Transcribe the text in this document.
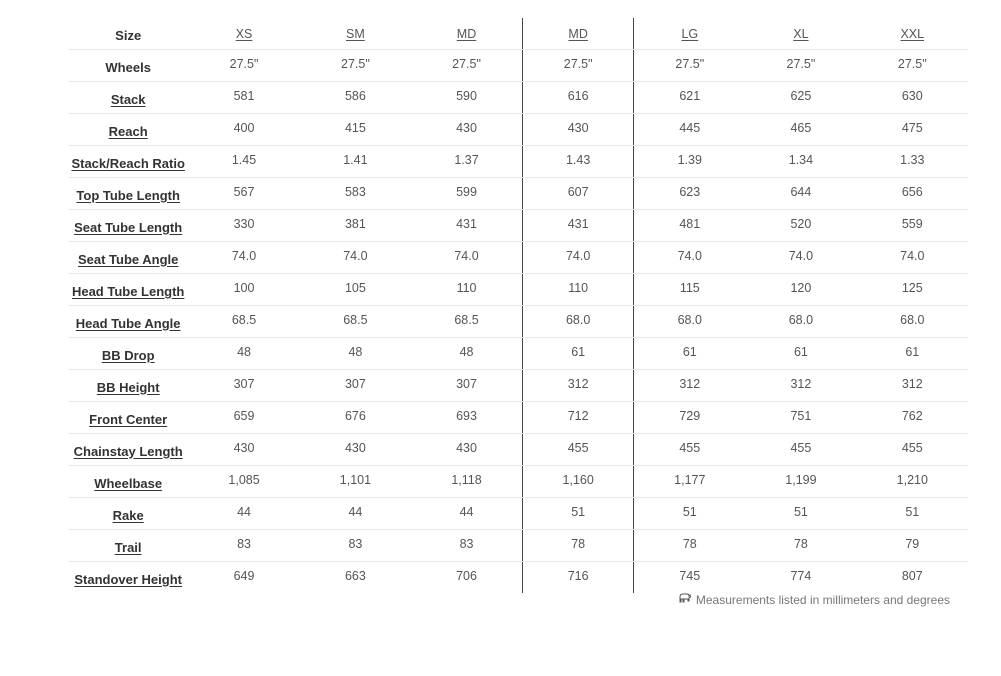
Size	XS	SM	MD	MD	LG	XL	XXL
Wheels	27.5"	27.5"	27.5"	27.5"	27.5"	27.5"	27.5"
Stack	581	586	590	616	621	625	630
Reach	400	415	430	430	445	465	475
Stack/Reach Ratio	1.45	1.41	1.37	1.43	1.39	1.34	1.33
Top Tube Length	567	583	599	607	623	644	656
Seat Tube Length	330	381	431	431	481	520	559
Seat Tube Angle	74.0	74.0	74.0	74.0	74.0	74.0	74.0
Head Tube Length	100	105	110	110	115	120	125
Head Tube Angle	68.5	68.5	68.5	68.0	68.0	68.0	68.0
BB Drop	48	48	48	61	61	61	61
BB Height	307	307	307	312	312	312	312
Front Center	659	676	693	712	729	751	762
Chainstay Length	430	430	430	455	455	455	455
Wheelbase	1,085	1,101	1,118	1,160	1,177	1,199	1,210
Rake	44	44	44	51	51	51	51
Trail	83	83	83	78	78	78	79
Standover Height	649	663	706	716	745	774	807
Measurements listed in millimeters and degrees
